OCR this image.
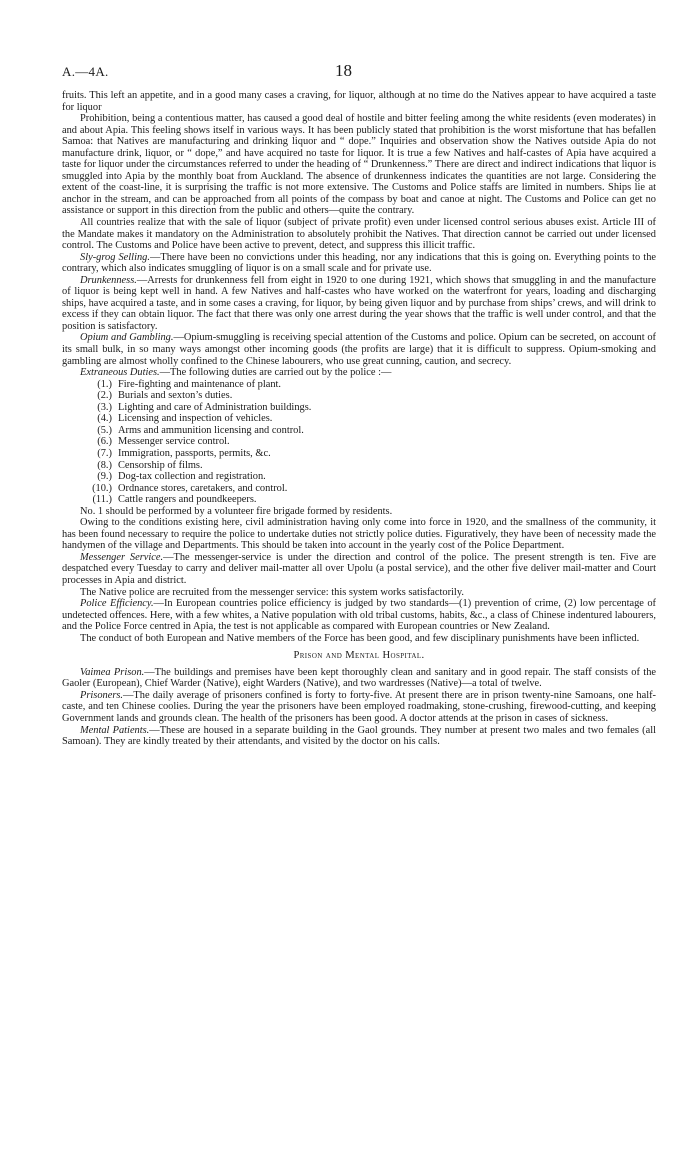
A.—4A.	18

fruits. This left an appetite, and in a good many cases a craving, for liquor, although at no time do the Natives appear to have acquired a taste for liquor

Prohibition, being a contentious matter, has caused a good deal of hostile and bitter feeling among the white residents (even moderates) in and about Apia. This feeling shows itself in various ways. It has been publicly stated that prohibition is the worst misfortune that has befallen Samoa: that Natives are manufacturing and drinking liquor and “ dope.” Inquiries and observation show the Natives outside Apia do not manufacture drink, liquor, or “ dope,” and have acquired no taste for liquor. It is true a few Natives and half-castes of Apia have acquired a taste for liquor under the circumstances referred to under the heading of “ Drunkenness.” There are direct and indirect indications that liquor is smuggled into Apia by the monthly boat from Auckland. The absence of drunkenness indicates the quantities are not large. Considering the extent of the coast-line, it is surprising the traffic is not more extensive. The Customs and Police staffs are limited in numbers. Ships lie at anchor in the stream, and can be approached from all points of the compass by boat and canoe at night. The Customs and Police can get no assistance or support in this direction from the public and others—quite the contrary.

All countries realize that with the sale of liquor (subject of private profit) even under licensed control serious abuses exist. Article III of the Mandate makes it mandatory on the Administration to absolutely prohibit the Natives. That direction cannot be carried out under licensed control. The Customs and Police have been active to prevent, detect, and suppress this illicit traffic.

Sly-grog Selling.—There have been no convictions under this heading, nor any indications that this is going on. Everything points to the contrary, which also indicates smuggling of liquor is on a small scale and for private use.

Drunkenness.—Arrests for drunkenness fell from eight in 1920 to one during 1921, which shows that smuggling in and the manufacture of liquor is being kept well in hand. A few Natives and half-castes who have worked on the waterfront for years, loading and discharging ships, have acquired a taste, and in some cases a craving, for liquor, by being given liquor and by purchase from ships’ crews, and will drink to excess if they can obtain liquor. The fact that there was only one arrest during the year shows that the traffic is well under control, and that the position is satisfactory.

Opium and Gambling.—Opium-smuggling is receiving special attention of the Customs and police. Opium can be secreted, on account of its small bulk, in so many ways amongst other incoming goods (the profits are large) that it is difficult to suppress. Opium-smoking and gambling are almost wholly confined to the Chinese labourers, who use great cunning, caution, and secrecy.

Extraneous Duties.—The following duties are carried out by the police :—

(1.) Fire-fighting and maintenance of plant.
(2.) Burials and sexton’s duties.
(3.) Lighting and care of Administration buildings.
(4.) Licensing and inspection of vehicles.
(5.) Arms and ammunition licensing and control.
(6.) Messenger service control.
(7.) Immigration, passports, permits, &c.
(8.) Censorship of films.
(9.) Dog-tax collection and registration.
(10.) Ordnance stores, caretakers, and control.
(11.) Cattle rangers and poundkeepers.

No. 1 should be performed by a volunteer fire brigade formed by residents.

Owing to the conditions existing here, civil administration having only come into force in 1920, and the smallness of the community, it has been found necessary to require the police to undertake duties not strictly police duties. Figuratively, they have been of necessity made the handymen of the village and Departments. This should be taken into account in the yearly cost of the Police Department.

Messenger Service.—The messenger-service is under the direction and control of the police. The present strength is ten. Five are despatched every Tuesday to carry and deliver mail-matter all over Upolu (a postal service), and the other five deliver mail-matter and Court processes in Apia and district.

The Native police are recruited from the messenger service: this system works satisfactorily.

Police Efficiency.—In European countries police efficiency is judged by two standards—(1) prevention of crime, (2) low percentage of undetected offences. Here, with a few whites, a Native population with old tribal customs, habits, &c., a class of Chinese indentured labourers, and the Police Force centred in Apia, the test is not applicable as compared with European countries or New Zealand.

The conduct of both European and Native members of the Force has been good, and few disciplinary punishments have been inflicted.

Prison and Mental Hospital.

Vaimea Prison.—The buildings and premises have been kept thoroughly clean and sanitary and in good repair. The staff consists of the Gaoler (European), Chief Warder (Native), eight Warders (Native), and two wardresses (Native)—a total of twelve.

Prisoners.—The daily average of prisoners confined is forty to forty-five. At present there are in prison twenty-nine Samoans, one half-caste, and ten Chinese coolies. During the year the prisoners have been employed roadmaking, stone-crushing, firewood-cutting, and keeping Government lands and grounds clean. The health of the prisoners has been good. A doctor attends at the prison in cases of sickness.

Mental Patients.—These are housed in a separate building in the Gaol grounds. They number at present two males and two females (all Samoan). They are kindly treated by their attendants, and visited by the doctor on his calls.
